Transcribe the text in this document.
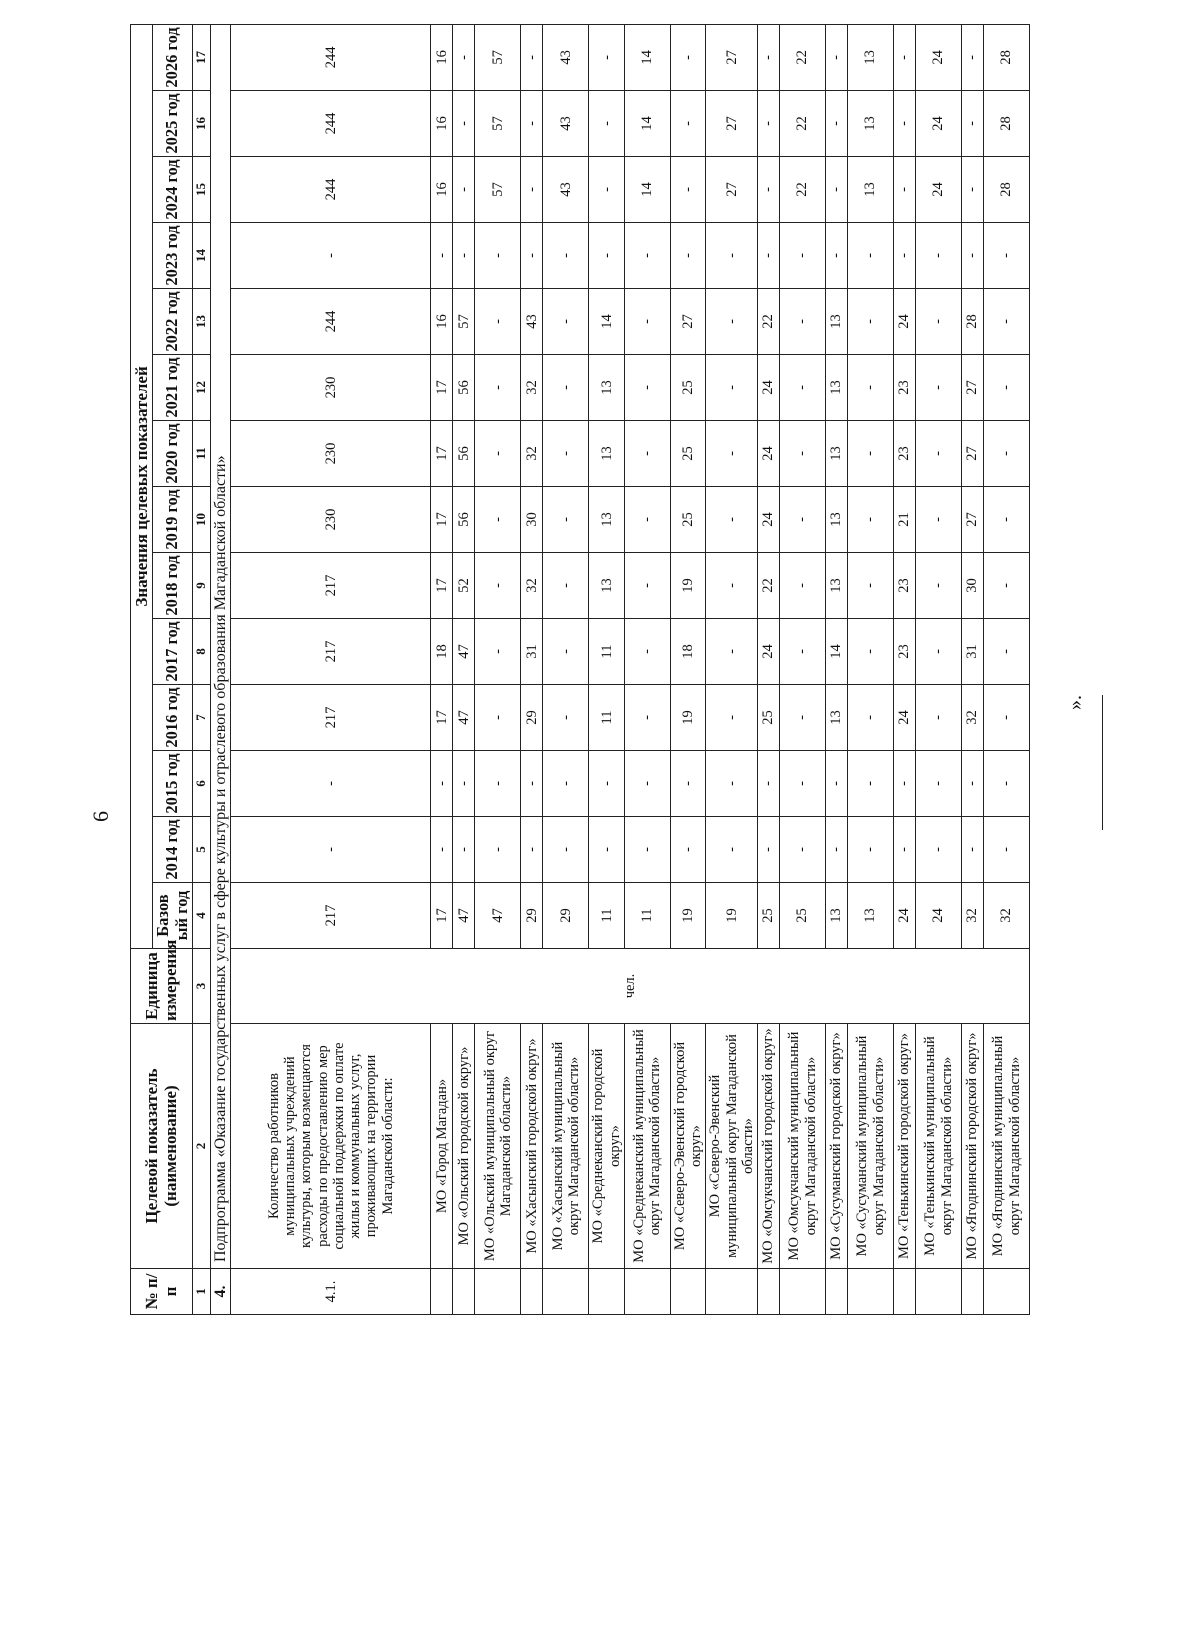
6
№ п/п	Целевой показатель (наименование)	Единица измерения	Значения целевых показателей													
			Базов ый год	2014 год	2015 год	2016 год	2017 год	2018 год	2019 год	2020 год	2021 год	2022 год	2023 год	2024 год	2025 год	2026 год
1	2	3	4	5	6	7	8	9	10	11	12	13	14	15	16	17
4.	Подпрограмма «Оказание государственных услуг в сфере культуры и отраслевого образования Магаданской области»															
4.1.	Количество работников муниципальных учреждений культуры, которым возмещаются расходы по предоставлению мер социальной поддержки по оплате жилья и коммунальных услуг, проживающих на территории Магаданской области:	чел.	217	-	-	217	217	217	230	230	230	244	-	244	244	244
	МО «Город Магадан»		17	-	-	17	18	17	17	17	17	16	-	16	16	16
	МО «Ольский городской округ»		47	-	-	47	47	52	56	56	56	57	-	-	-	-
	МО «Ольский муниципальный округ Магаданской области»		47	-	-	-	-	-	-	-	-	-	-	57	57	57
	МО «Хасынский городской округ»		29	-	-	29	31	32	30	32	32	43	-	-	-	-
	МО «Хасынский муниципальный округ Магаданской области»		29	-	-	-	-	-	-	-	-	-	-	43	43	43
	МО «Среднеканский городской округ»		11	-	-	11	11	13	13	13	13	14	-	-	-	-
	МО «Среднеканский муниципальный округ Магаданской области»		11	-	-	-	-	-	-	-	-	-	-	14	14	14
	МО «Северо-Эвенский городской округ»		19	-	-	19	18	19	25	25	25	27	-	-	-	-
	МО «Северо-Эвенский муниципальный округ Магаданской области»		19	-	-	-	-	-	-	-	-	-	-	27	27	27
	МО «Омсукчанский городской округ»		25	-	-	25	24	22	24	24	24	22	-	-	-	-
	МО «Омсукчанский муниципальный округ Магаданской области»		25	-	-	-	-	-	-	-	-	-	-	22	22	22
	МО «Сусуманский городской округ»		13	-	-	13	14	13	13	13	13	13	-	-	-	-
	МО «Сусуманский муниципальный округ Магаданской области»		13	-	-	-	-	-	-	-	-	-	-	13	13	13
	МО «Тенькинский городской округ»		24	-	-	24	23	23	21	23	23	24	-	-	-	-
	МО «Тенькинский муниципальный округ Магаданской области»		24	-	-	-	-	-	-	-	-	-	-	24	24	24
	МО «Ягоднинский городской округ»		32	-	-	32	31	30	27	27	27	28	-	-	-	-
	МО «Ягоднинский муниципальный округ Магаданской области»		32	-	-	-	-	-	-	-	-	-	-	28	28	28
».
